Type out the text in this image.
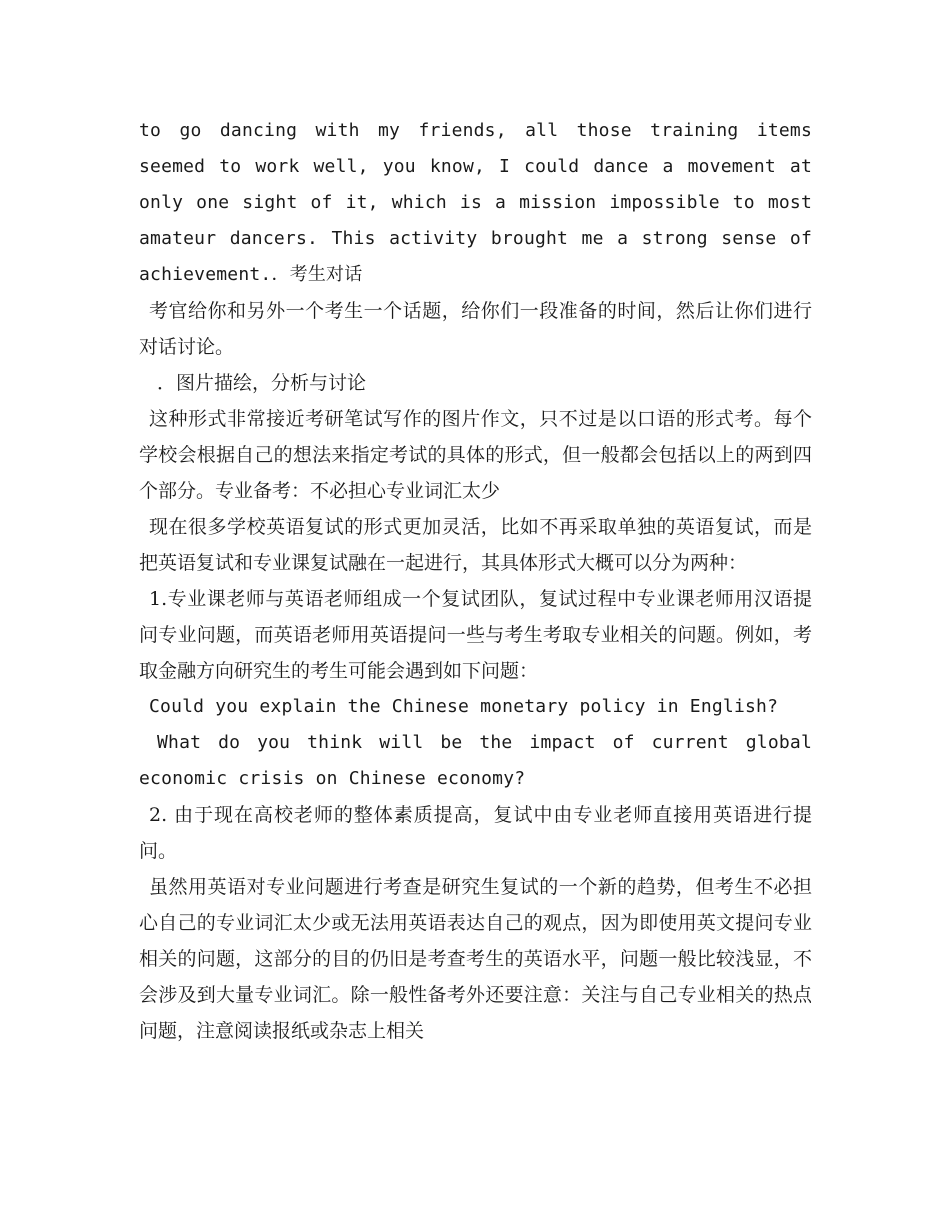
to go dancing with my friends, all those training items seemed to work well, you know, I could dance a movement at only one sight of it, which is a mission impossible to most amateur dancers. This activity brought me a strong sense of achievement.．考生对话

考官给你和另外一个考生一个话题，给你们一段准备的时间，然后让你们进行对话讨论。

．图片描绘，分析与讨论

这种形式非常接近考研笔试写作的图片作文，只不过是以口语的形式考。每个学校会根据自己的想法来指定考试的具体的形式，但一般都会包括以上的两到四个部分。专业备考：不必担心专业词汇太少

现在很多学校英语复试的形式更加灵活，比如不再采取单独的英语复试，而是把英语复试和专业课复试融在一起进行，其具体形式大概可以分为两种：

1.专业课老师与英语老师组成一个复试团队，复试过程中专业课老师用汉语提问专业问题，而英语老师用英语提问一些与考生考取专业相关的问题。例如，考取金融方向研究生的考生可能会遇到如下问题：

Could you explain the Chinese monetary policy in English?

What do you think will be the impact of current global economic crisis on Chinese economy?

2. 由于现在高校老师的整体素质提高，复试中由专业老师直接用英语进行提问。

虽然用英语对专业问题进行考查是研究生复试的一个新的趋势，但考生不必担心自己的专业词汇太少或无法用英语表达自己的观点，因为即使用英文提问专业相关的问题，这部分的目的仍旧是考查考生的英语水平，问题一般比较浅显，不会涉及到大量专业词汇。除一般性备考外还要注意：关注与自己专业相关的热点问题，注意阅读报纸或杂志上相关
